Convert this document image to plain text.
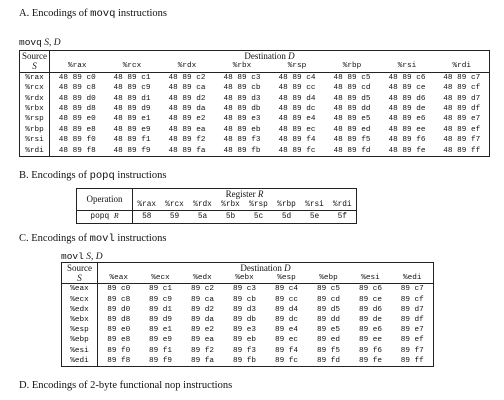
A. Encodings of movq instructions
movq S, D
Source	Destination D							
S	%rax	%rcx	%rdx	%rbx	%rsp	%rbp	%rsi	%rdi
%rax	48 89 c0	48 89 c1	48 89 c2	48 89 c3	48 89 c4	48 89 c5	48 89 c6	48 89 c7
%rcx	48 89 c8	48 89 c9	48 89 ca	48 89 cb	48 89 cc	48 89 cd	48 89 ce	48 89 cf
%rdx	48 89 d0	48 89 d1	48 89 d2	48 89 d3	48 89 d4	48 89 d5	48 89 d6	48 89 d7
%rbx	48 89 d8	48 89 d9	48 89 da	48 89 db	48 89 dc	48 89 dd	48 89 de	48 89 df
%rsp	48 89 e0	48 89 e1	48 89 e2	48 89 e3	48 89 e4	48 89 e5	48 89 e6	48 89 e7
%rbp	48 89 e8	48 89 e9	48 89 ea	48 89 eb	48 89 ec	48 89 ed	48 89 ee	48 89 ef
%rsi	48 89 f0	48 89 f1	48 89 f2	48 89 f3	48 89 f4	48 89 f5	48 89 f6	48 89 f7
%rdi	48 89 f8	48 89 f9	48 89 fa	48 89 fb	48 89 fc	48 89 fd	48 89 fe	48 89 ff
B. Encodings of popq instructions
Operation	Register R							
	%rax	%rcx	%rdx	%rbx	%rsp	%rbp	%rsi	%rdi
popq R	58	59	5a	5b	5c	5d	5e	5f
C. Encodings of movl instructions
movl S, D
Source	Destination D							
S	%eax	%ecx	%edx	%ebx	%esp	%ebp	%esi	%edi
%eax	89 c0	89 c1	89 c2	89 c3	89 c4	89 c5	89 c6	89 c7
%ecx	89 c8	89 c9	89 ca	89 cb	89 cc	89 cd	89 ce	89 cf
%edx	89 d0	89 d1	89 d2	89 d3	89 d4	89 d5	89 d6	89 d7
%ebx	89 d8	89 d9	89 da	89 db	89 dc	89 dd	89 de	89 df
%esp	89 e0	89 e1	89 e2	89 e3	89 e4	89 e5	89 e6	89 e7
%ebp	89 e8	89 e9	89 ea	89 eb	89 ec	89 ed	89 ee	89 ef
%esi	89 f0	89 f1	89 f2	89 f3	89 f4	89 f5	89 f6	89 f7
%edi	89 f8	89 f9	89 fa	89 fb	89 fc	89 fd	89 fe	89 ff
D. Encodings of 2-byte functional nop instructions
